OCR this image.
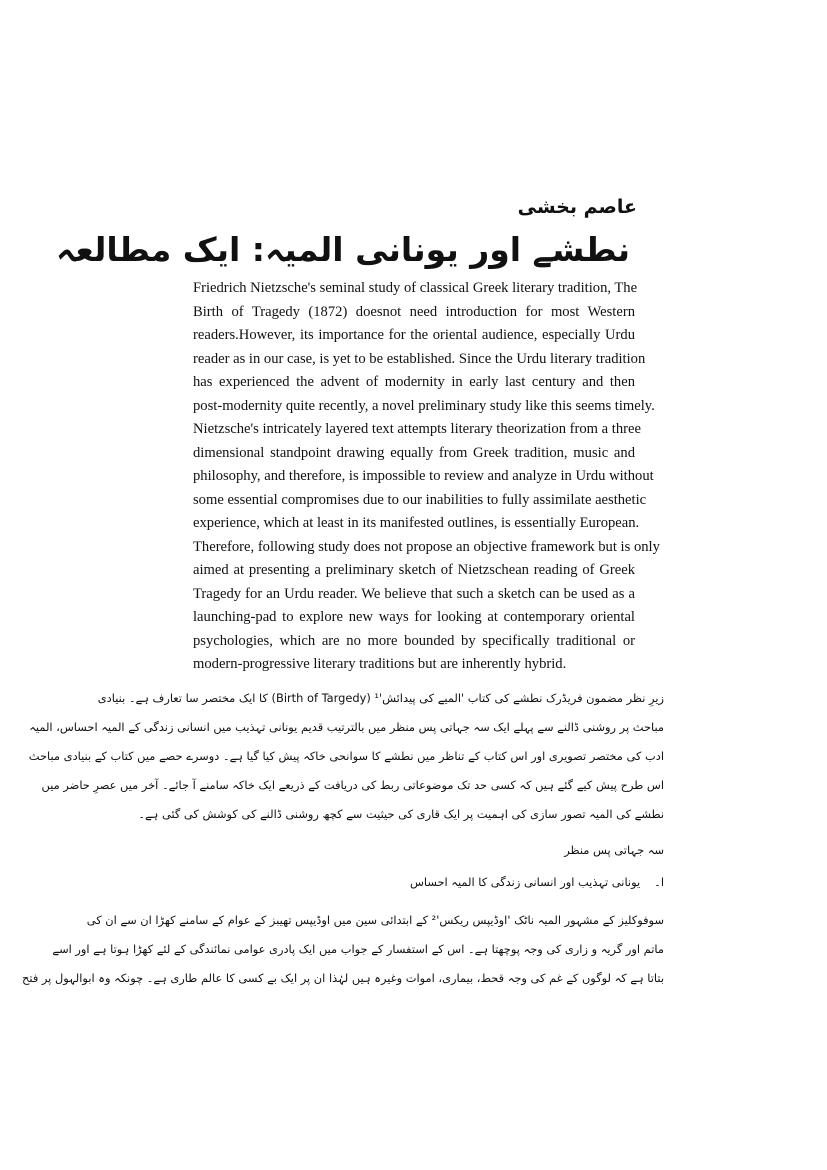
عاصم بخشی
نطشے اور یونانی المیہ: ایک مطالعہ
Friedrich Nietzsche's seminal study of classical Greek literary tradition, The
Birth of Tragedy (1872) doesnot need introduction for most Western
readers.However, its importance for the oriental audience, especially Urdu
reader as in our case, is yet to be established. Since the Urdu literary tradition
has experienced the advent of modernity in early last century and then
post-modernity quite recently, a novel preliminary study like this seems timely.
Nietzsche's intricately layered text attempts literary theorization from a three
dimensional standpoint drawing equally from Greek tradition, music and
philosophy, and therefore, is impossible to review and analyze in Urdu without
some essential compromises due to our inabilities to fully assimilate aesthetic
experience, which at least in its manifested outlines, is essentially European.
Therefore, following study does not propose an objective framework but is only
aimed at presenting a preliminary sketch of Nietzschean reading of Greek
Tragedy for an Urdu reader. We believe that such a sketch can be used as a
launching-pad to explore new ways for looking at contemporary oriental
psychologies, which are no more bounded by specifically traditional or
modern-progressive literary traditions but are inherently hybrid.
زیرِ نظر مضمون فریڈرک نطشے کی کتاب 'المیے کی پیدائش'¹ (Birth of Targedy) کا ایک مختصر سا تعارف ہے۔ بنیادی
مباحث پر روشنی ڈالنے سے پہلے ایک سہ جہاتی پس منظر میں بالترتیب قدیم یونانی تہذیب میں انسانی زندگی کے المیہ احساس، المیہ
ادب کی مختصر تصویری اور اس کتاب کے تناظر میں نطشے کا سوانحی خاکہ پیش کیا گیا ہے۔ دوسرے حصے میں کتاب کے بنیادی مباحث
اس طرح پیش کیے گئے ہیں کہ کسی حد تک موضوعاتی ربط کی دریافت کے ذریعے ایک خاکہ سامنے آ جائے۔ آخر میں عصرِ حاضر میں
نطشے کی المیہ تصور سازی کی اہمیت پر ایک قاری کی حیثیت سے کچھ روشنی ڈالنے کی کوشش کی گئی ہے۔
سہ جہاتی پس منظر
ا۔یونانی تہذیب اور انسانی زندگی کا المیہ احساس
سوفوکلیز کے مشہور المیہ ناٹک 'اوڈیپس ریکس'² کے ابتدائی سین میں اوڈیپس تھیبز کے عوام کے سامنے کھڑا ان سے ان کی
ماتم اور گریہ و زاری کی وجہ پوچھتا ہے۔ اس کے استفسار کے جواب میں ایک پادری عوامی نمائندگی کے لئے کھڑا ہوتا ہے اور اسے
بتاتا ہے کہ لوگوں کے غم کی وجہ قحط، بیماری، اموات وغیرہ ہیں لہٰذا ان پر ایک بے کسی کا عالم طاری ہے۔ چونکہ وہ ابوالہول پر فتح
